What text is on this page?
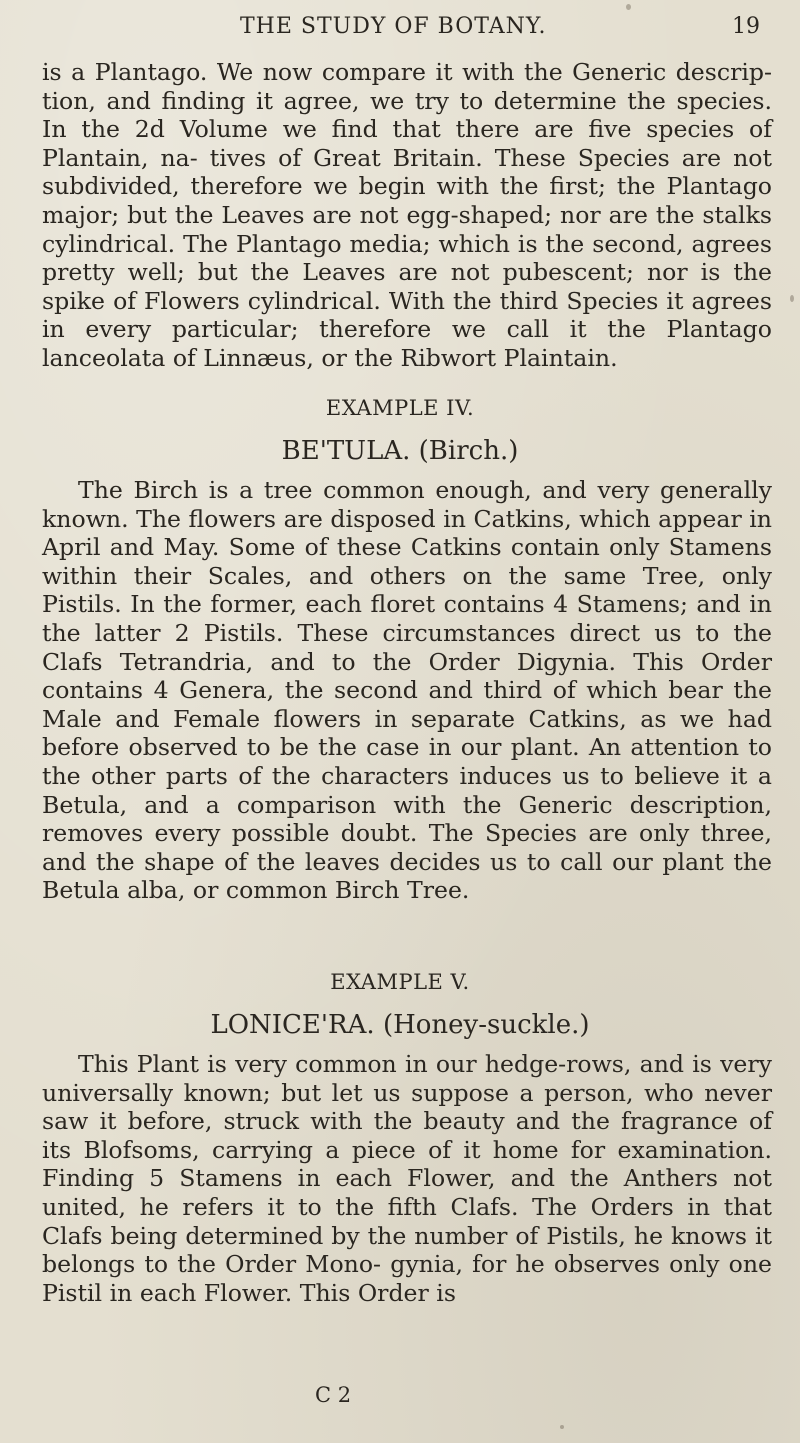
THE STUDY OF BOTANY.	19

is a Plantago. We now compare it with the Generic descrip- tion, and finding it agree, we try to determine the species. In the 2d Volume we find that there are five species of Plantain, na- tives of Great Britain. These Species are not subdivided, therefore we begin with the first; the Plantago major; but the Leaves are not egg-shaped; nor are the stalks cylindrical. The Plantago media; which is the second, agrees pretty well; but the Leaves are not pubescent; nor is the spike of Flowers cylindrical. With the third Species it agrees in every particular; therefore we call it the Plantago lanceolata of Linnæus, or the Ribwort Plaintain.

EXAMPLE IV.
BE'TULA. (Birch.)

The Birch is a tree common enough, and very generally known. The flowers are disposed in Catkins, which appear in April and May. Some of these Catkins contain only Stamens within their Scales, and others on the same Tree, only Pistils. In the former, each floret contains 4 Stamens; and in the latter 2 Pistils. These circumstances direct us to the Clafs Tetrandria, and to the Order Digynia. This Order contains 4 Genera, the second and third of which bear the Male and Female flowers in separate Catkins, as we had before observed to be the case in our plant. An attention to the other parts of the characters induces us to believe it a Betula, and a comparison with the Generic description, removes every possible doubt. The Species are only three, and the shape of the leaves decides us to call our plant the Betula alba, or common Birch Tree.

EXAMPLE V.
LONICE'RA. (Honey-suckle.)

This Plant is very common in our hedge-rows, and is very universally known; but let us suppose a person, who never saw it before, struck with the beauty and the fragrance of its Blofsoms, carrying a piece of it home for examination. Finding 5 Stamens in each Flower, and the Anthers not united, he refers it to the fifth Clafs. The Orders in that Clafs being determined by the number of Pistils, he knows it belongs to the Order Mono- gynia, for he observes only one Pistil in each Flower. This Order is

C 2
